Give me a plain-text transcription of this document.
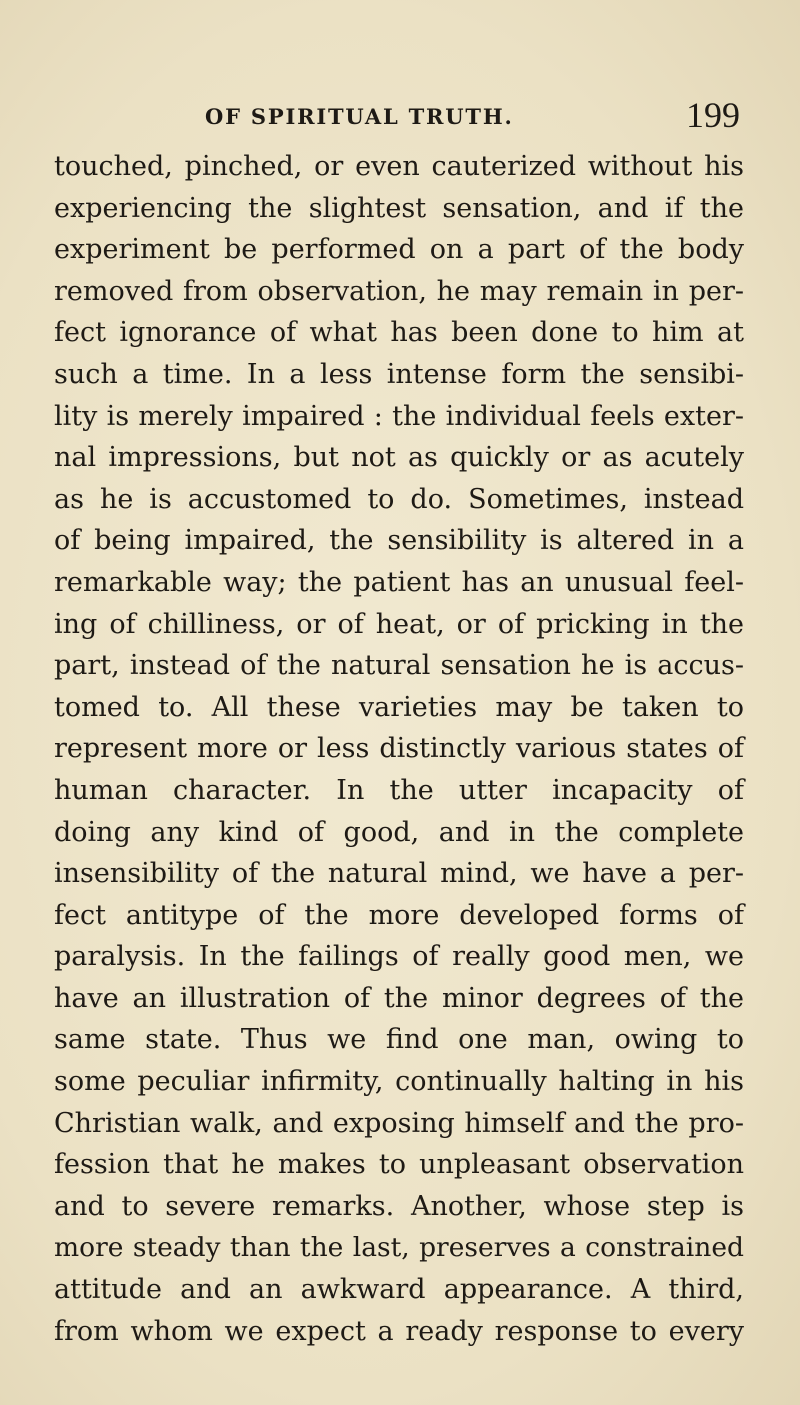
OF SPIRITUAL TRUTH.	199
touched, pinched, or even cauterized without his
experiencing the slightest sensation, and if the
experiment be performed on a part of the body
removed from observation, he may remain in per-
fect ignorance of what has been done to him at
such a time. In a less intense form the sensibi-
lity is merely impaired : the individual feels exter-
nal impressions, but not as quickly or as acutely
as he is accustomed to do. Sometimes, instead
of being impaired, the sensibility is altered in a
remarkable way; the patient has an unusual feel-
ing of chilliness, or of heat, or of pricking in the
part, instead of the natural sensation he is accus-
tomed to. All these varieties may be taken to
represent more or less distinctly various states of
human character. In the utter incapacity of
doing any kind of good, and in the complete
insensibility of the natural mind, we have a per-
fect antitype of the more developed forms of
paralysis. In the failings of really good men, we
have an illustration of the minor degrees of the
same state. Thus we find one man, owing to
some peculiar infirmity, continually halting in his
Christian walk, and exposing himself and the pro-
fession that he makes to unpleasant observation
and to severe remarks. Another, whose step is
more steady than the last, preserves a constrained
attitude and an awkward appearance. A third,
from whom we expect a ready response to every
